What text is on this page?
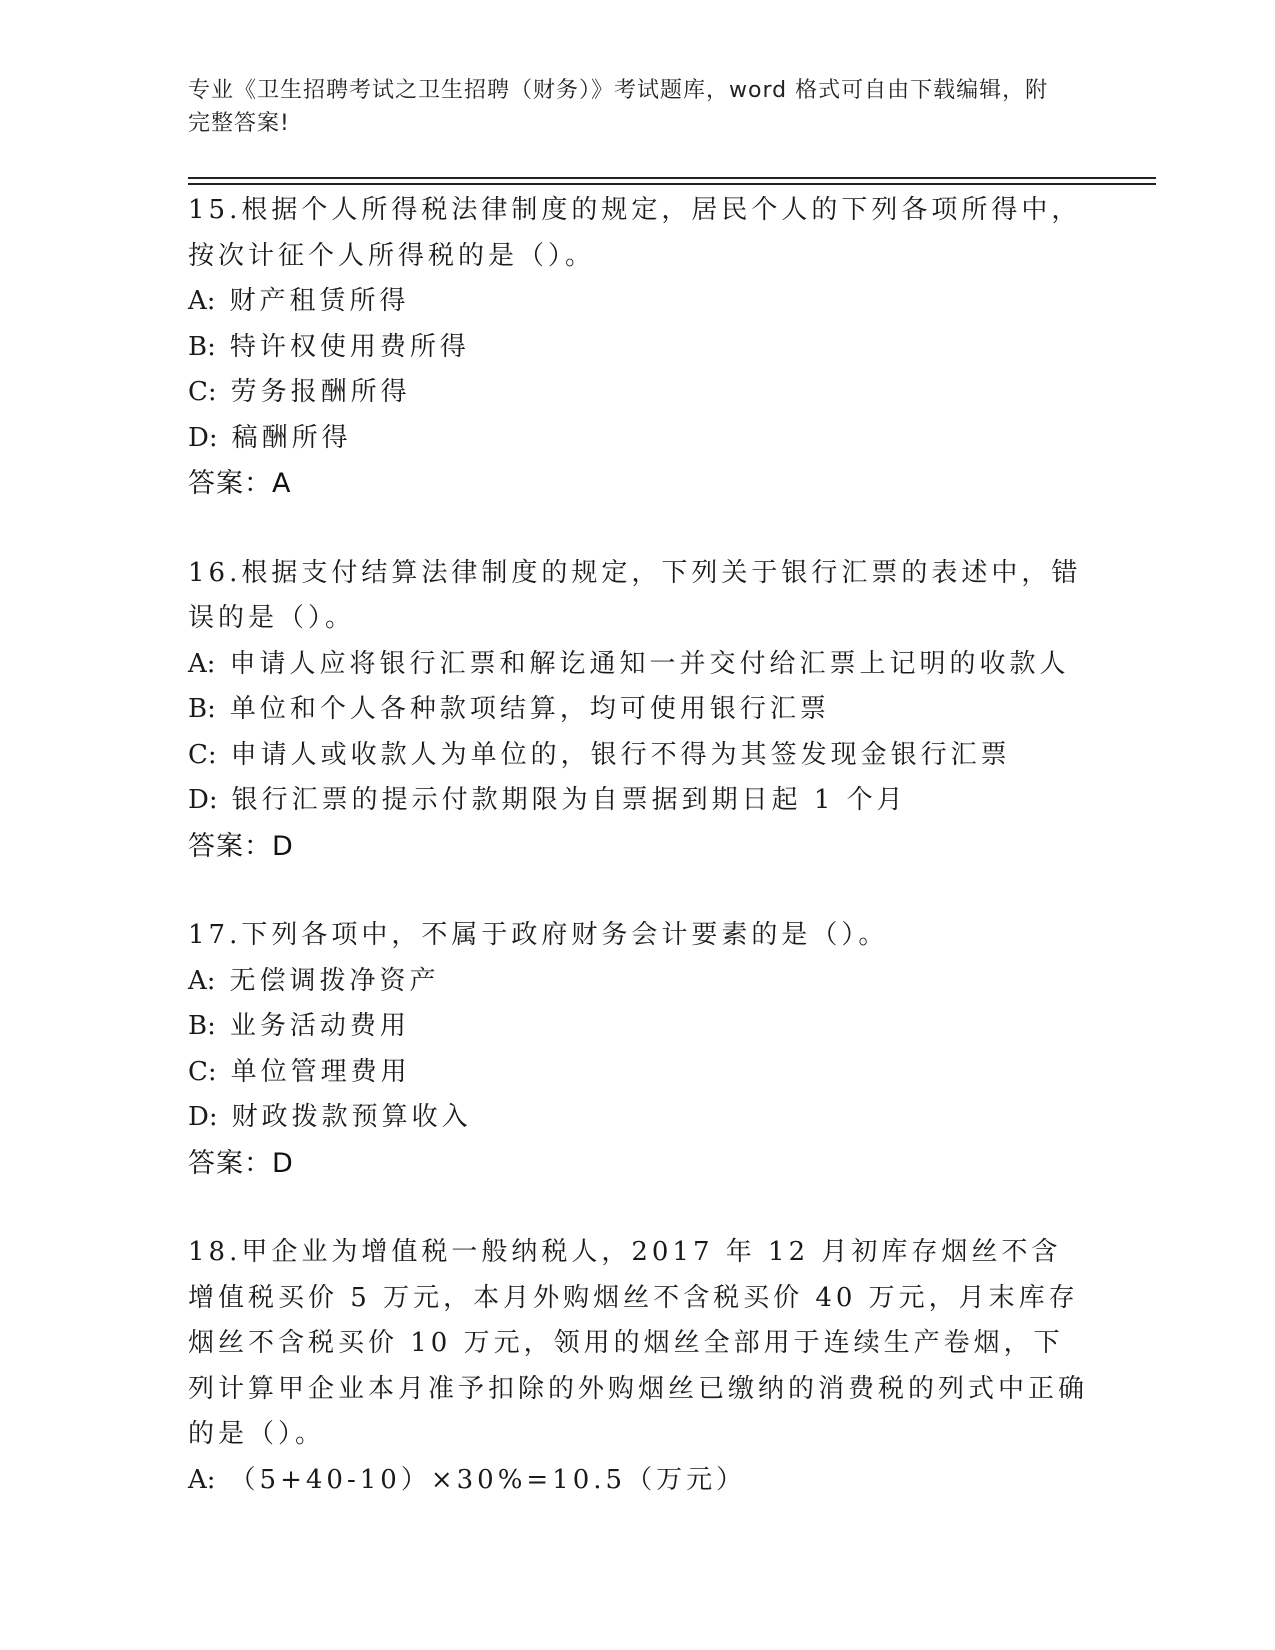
专业《卫生招聘考试之卫生招聘（财务）》考试题库，word 格式可自由下载编辑，附完整答案!

15.根据个人所得税法律制度的规定，居民个人的下列各项所得中，按次计征个人所得税的是（）。

A: 财产租赁所得

B: 特许权使用费所得

C: 劳务报酬所得

D: 稿酬所得

答案：A

16.根据支付结算法律制度的规定，下列关于银行汇票的表述中，错误的是（）。

A: 申请人应将银行汇票和解讫通知一并交付给汇票上记明的收款人

B: 单位和个人各种款项结算，均可使用银行汇票

C: 申请人或收款人为单位的，银行不得为其签发现金银行汇票

D: 银行汇票的提示付款期限为自票据到期日起 1 个月

答案：D

17.下列各项中，不属于政府财务会计要素的是（）。

A: 无偿调拨净资产

B: 业务活动费用

C: 单位管理费用

D: 财政拨款预算收入

答案：D

18.甲企业为增值税一般纳税人，2017 年 12 月初库存烟丝不含增值税买价 5 万元，本月外购烟丝不含税买价 40 万元，月末库存烟丝不含税买价 10 万元，领用的烟丝全部用于连续生产卷烟，下列计算甲企业本月准予扣除的外购烟丝已缴纳的消费税的列式中正确的是（）。

A: （5+40-10）×30%=10.5（万元）
